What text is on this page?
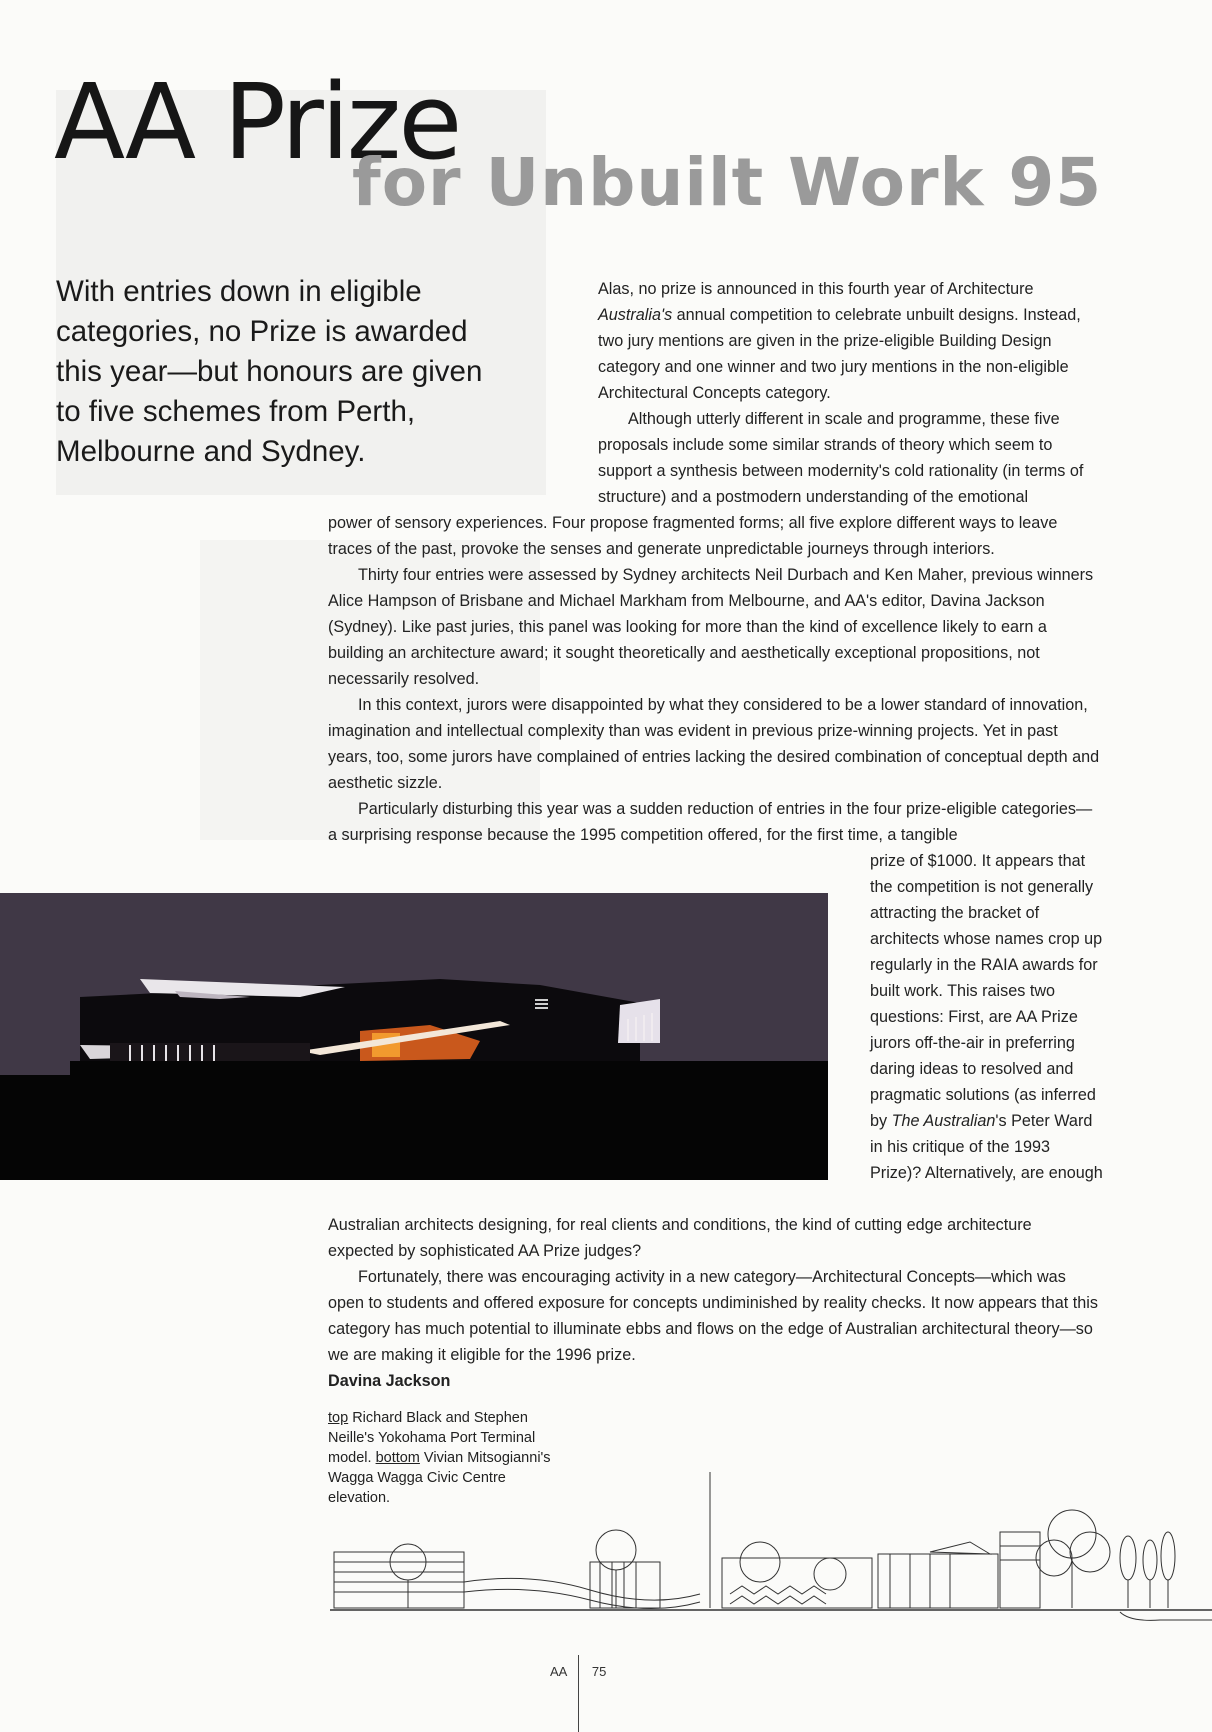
AA Prize
for Unbuilt Work 95

With entries down in eligible categories, no Prize is awarded this year—but honours are given to five schemes from Perth, Melbourne and Sydney.

Alas, no prize is announced in this fourth year of Architecture Australia's annual competition to celebrate unbuilt designs. Instead, two jury mentions are given in the prize-eligible Building Design category and one winner and two jury mentions in the non-eligible Architectural Concepts category.

Although utterly different in scale and programme, these five proposals include some similar strands of theory which seem to support a synthesis between modernity's cold rationality (in terms of structure) and a postmodern understanding of the emotional

power of sensory experiences. Four propose fragmented forms; all five explore different ways to leave traces of the past, provoke the senses and generate unpredictable journeys through interiors.

Thirty four entries were assessed by Sydney architects Neil Durbach and Ken Maher, previous winners Alice Hampson of Brisbane and Michael Markham from Melbourne, and AA's editor, Davina Jackson (Sydney). Like past juries, this panel was looking for more than the kind of excellence likely to earn a building an architecture award; it sought theoretically and aesthetically exceptional propositions, not necessarily resolved.

In this context, jurors were disappointed by what they considered to be a lower standard of innovation, imagination and intellectual complexity than was evident in previous prize-winning projects. Yet in past years, too, some jurors have complained of entries lacking the desired combination of conceptual depth and aesthetic sizzle.

Particularly disturbing this year was a sudden reduction of entries in the four prize-eligible categories—a surprising response because the 1995 competition offered, for the first time, a tangible

prize of $1000. It appears that the competition is not generally attracting the bracket of architects whose names crop up regularly in the RAIA awards for built work. This raises two questions: First, are AA Prize jurors off-the-air in preferring daring ideas to resolved and pragmatic solutions (as inferred by The Australian's Peter Ward in his critique of the 1993 Prize)? Alternatively, are enough

Australian architects designing, for real clients and conditions, the kind of cutting edge architecture expected by sophisticated AA Prize judges?

Fortunately, there was encouraging activity in a new category—Architectural Concepts—which was open to students and offered exposure for concepts undiminished by reality checks. It now appears that this category has much potential to illuminate ebbs and flows on the edge of Australian architectural theory—so we are making it eligible for the 1996 prize.

Davina Jackson

top Richard Black and Stephen Neille's Yokohama Port Terminal model. bottom Vivian Mitsogianni's Wagga Wagga Civic Centre elevation.

AA 75
